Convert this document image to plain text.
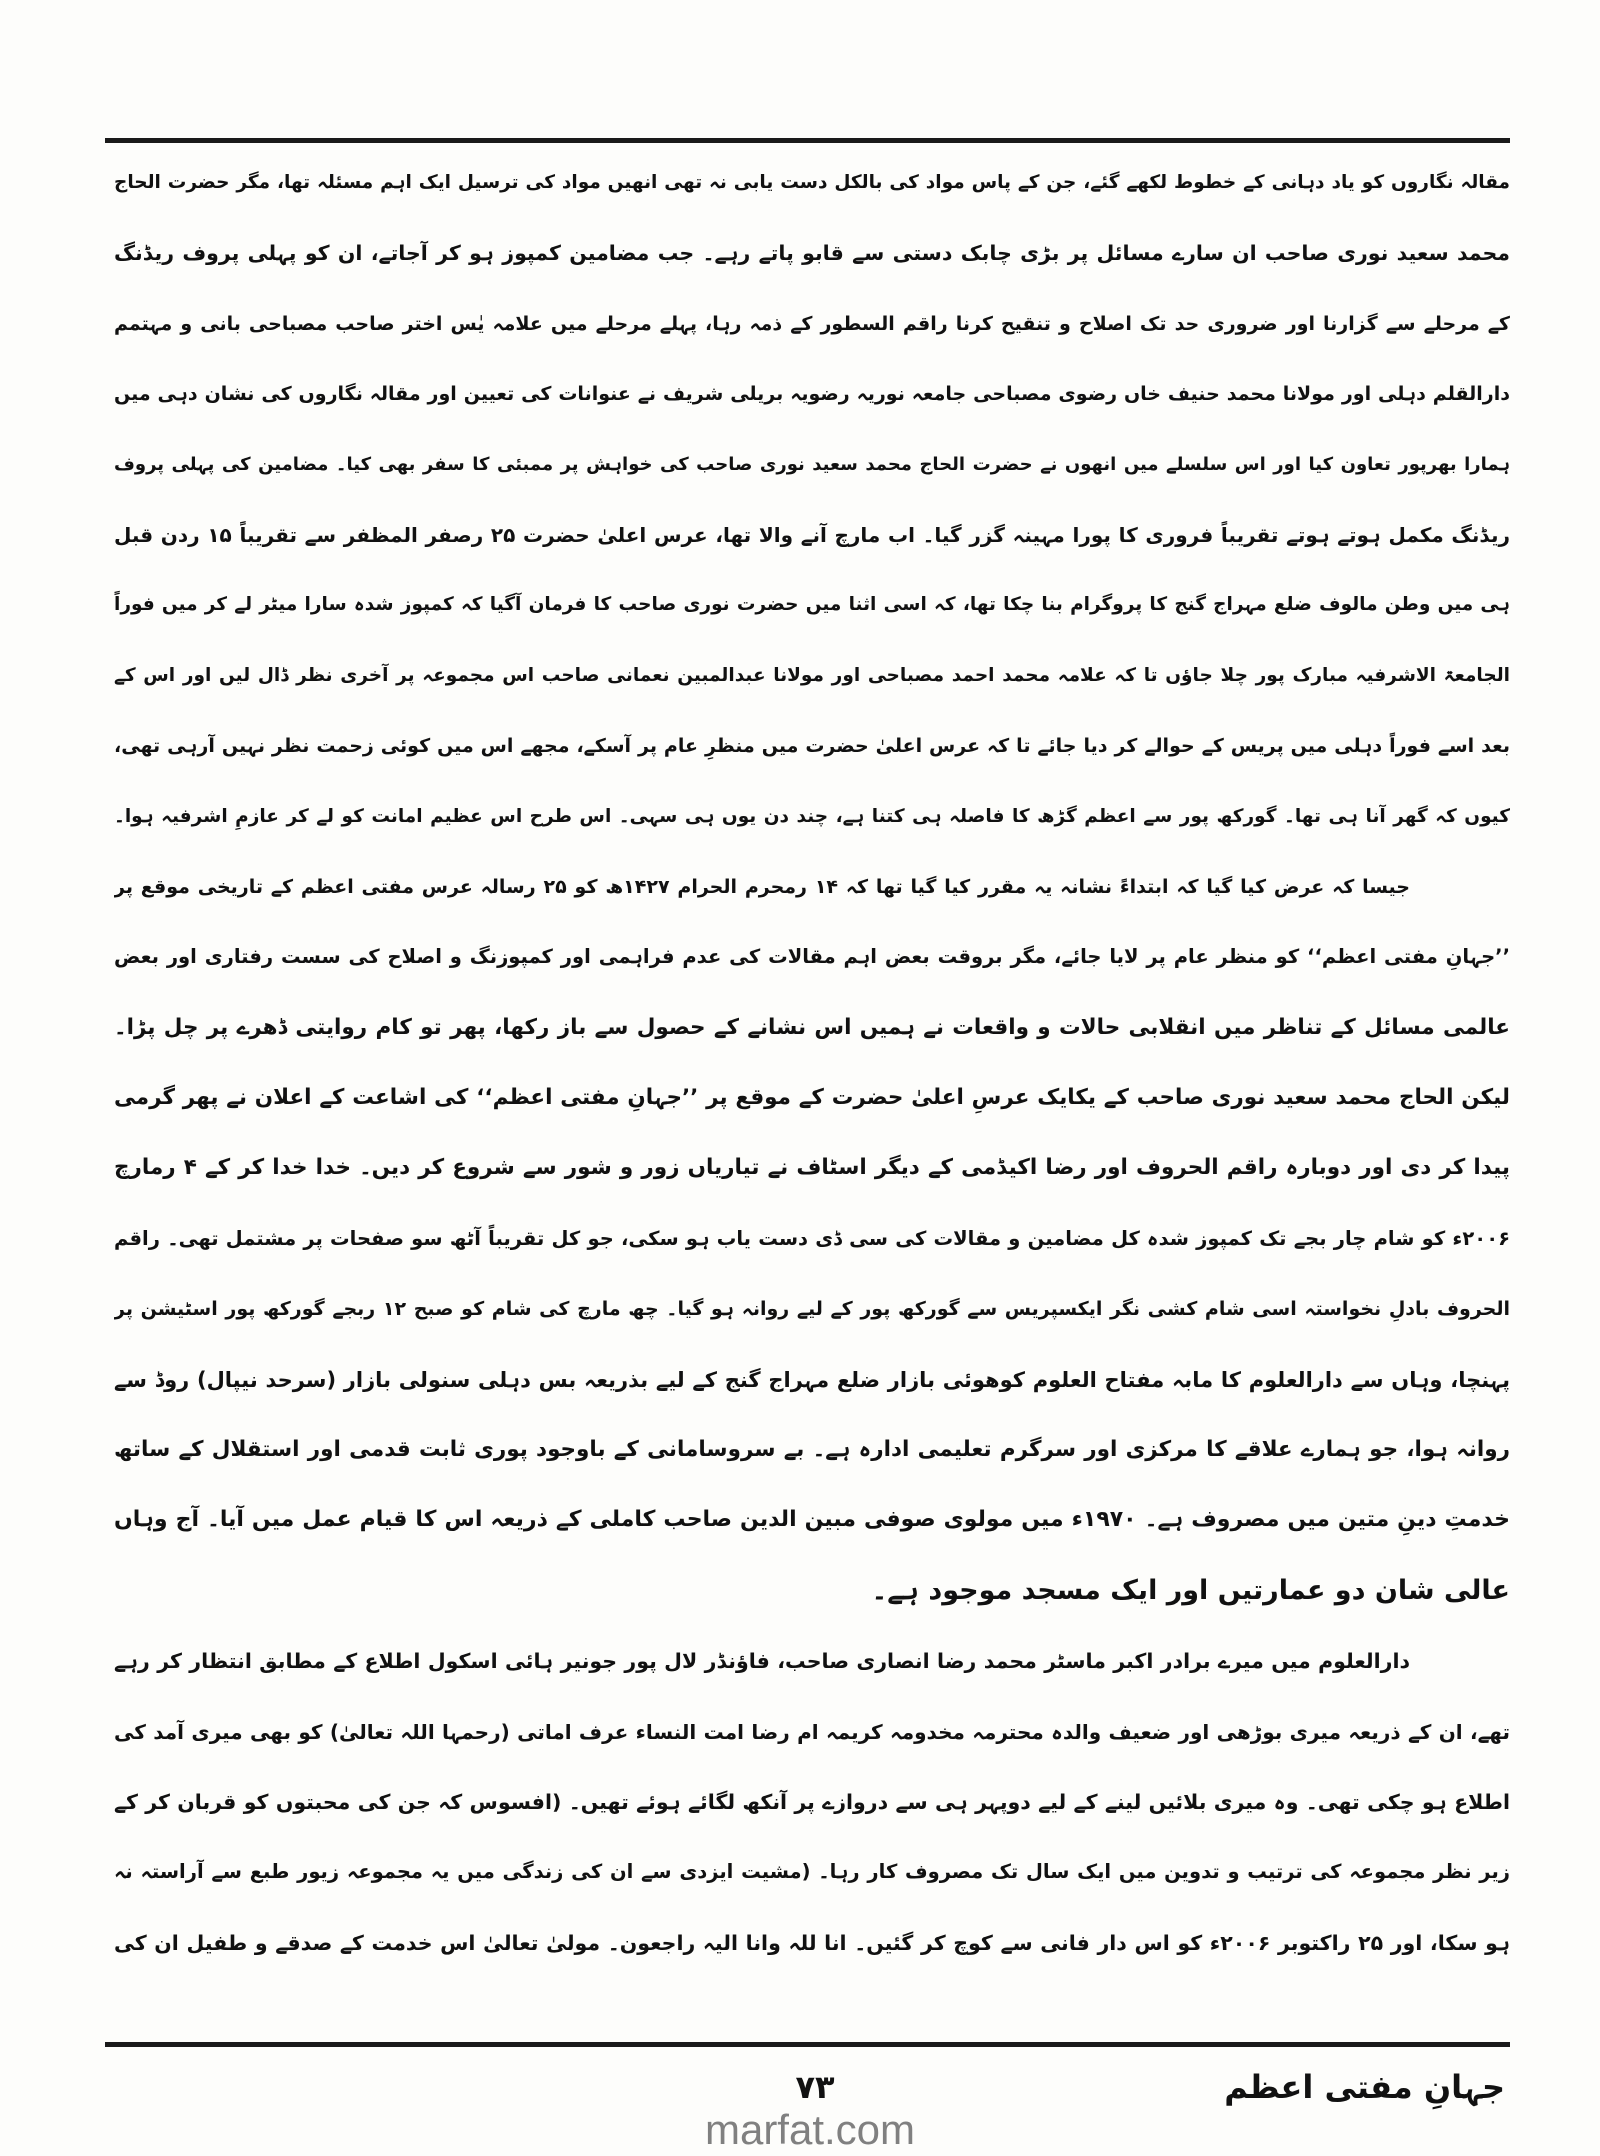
مقالہ نگاروں کو یاد دہانی کے خطوط لکھے گئے، جن کے پاس مواد کی بالکل دست یابی نہ تھی انھیں مواد کی ترسیل ایک اہم مسئلہ تھا، مگر حضرت الحاج
محمد سعید نوری صاحب ان سارے مسائل پر بڑی چابک دستی سے قابو پاتے رہے۔ جب مضامین کمپوز ہو کر آجاتے، ان کو پہلی پروف ریڈنگ
کے مرحلے سے گزارنا اور ضروری حد تک اصلاح و تنقیح کرنا راقم السطور کے ذمہ رہا، پہلے مرحلے میں علامہ یٰس اختر صاحب مصباحی بانی و مہتمم
دارالقلم دہلی اور مولانا محمد حنیف خاں رضوی مصباحی جامعہ نوریہ رضویہ بریلی شریف نے عنوانات کی تعیین اور مقالہ نگاروں کی نشان دہی میں
ہمارا بھرپور تعاون کیا اور اس سلسلے میں انھوں نے حضرت الحاج محمد سعید نوری صاحب کی خواہش پر ممبئی کا سفر بھی کیا۔ مضامین کی پہلی پروف
ریڈنگ مکمل ہوتے ہوتے تقریباً فروری کا پورا مہینہ گزر گیا۔ اب مارچ آنے والا تھا، عرس اعلیٰ حضرت ۲۵ رصفر المظفر سے تقریباً ۱۵ ردن قبل
ہی میں وطن مالوف ضلع مہراج گنج کا پروگرام بنا چکا تھا، کہ اسی اثنا میں حضرت نوری صاحب کا فرمان آگیا کہ کمپوز شدہ سارا میٹر لے کر میں فوراً
الجامعۃ الاشرفیہ مبارک پور چلا جاؤں تا کہ علامہ محمد احمد مصباحی اور مولانا عبدالمبین نعمانی صاحب اس مجموعہ پر آخری نظر ڈال لیں اور اس کے
بعد اسے فوراً دہلی میں پریس کے حوالے کر دیا جائے تا کہ عرس اعلیٰ حضرت میں منظرِ عام پر آسکے، مجھے اس میں کوئی زحمت نظر نہیں آرہی تھی،
کیوں کہ گھر آنا ہی تھا۔ گورکھ پور سے اعظم گڑھ کا فاصلہ ہی کتنا ہے، چند دن یوں ہی سہی۔ اس طرح اس عظیم امانت کو لے کر عازمِ اشرفیہ ہوا۔
جیسا کہ عرض کیا گیا کہ ابتداءً نشانہ یہ مقرر کیا گیا تھا کہ ۱۴ رمحرم الحرام ۱۴۲۷ھ کو ۲۵ رسالہ عرس مفتی اعظم کے تاریخی موقع پر
’’جہانِ مفتی اعظم‘‘ کو منظر عام پر لایا جائے، مگر بروقت بعض اہم مقالات کی عدم فراہمی اور کمپوزنگ و اصلاح کی سست رفتاری اور بعض
عالمی مسائل کے تناظر میں انقلابی حالات و واقعات نے ہمیں اس نشانے کے حصول سے باز رکھا، پھر تو کام روایتی ڈھرے پر چل پڑا۔
لیکن الحاج محمد سعید نوری صاحب کے یکایک عرسِ اعلیٰ حضرت کے موقع پر ’’جہانِ مفتی اعظم‘‘ کی اشاعت کے اعلان نے پھر گرمی
پیدا کر دی اور دوبارہ راقم الحروف اور رضا اکیڈمی کے دیگر اسٹاف نے تیاریاں زور و شور سے شروع کر دیں۔ خدا خدا کر کے ۴ رمارچ
۲۰۰۶ء کو شام چار بجے تک کمپوز شدہ کل مضامین و مقالات کی سی ڈی دست یاب ہو سکی، جو کل تقریباً آٹھ سو صفحات پر مشتمل تھی۔ راقم
الحروف بادلِ نخواستہ اسی شام کشی نگر ایکسپریس سے گورکھ پور کے لیے روانہ ہو گیا۔ چھ مارچ کی شام کو صبح ۱۲ ربجے گورکھ پور اسٹیشن پر
پہنچا، وہاں سے دارالعلوم کا مابہ مفتاح العلوم کوھوئی بازار ضلع مہراج گنج کے لیے بذریعہ بس دہلی سنولی بازار (سرحد نیپال) روڈ سے
روانہ ہوا، جو ہمارے علاقے کا مرکزی اور سرگرم تعلیمی ادارہ ہے۔ بے سروسامانی کے باوجود پوری ثابت قدمی اور استقلال کے ساتھ
خدمتِ دینِ متین میں مصروف ہے۔ ۱۹۷۰ء میں مولوی صوفی مبین الدین صاحب کاملی کے ذریعہ اس کا قیام عمل میں آیا۔ آج وہاں
عالی شان دو عمارتیں اور ایک مسجد موجود ہے۔
دارالعلوم میں میرے برادر اکبر ماسٹر محمد رضا انصاری صاحب، فاؤنڈر لال پور جونیر ہائی اسکول اطلاع کے مطابق انتظار کر رہے
تھے، ان کے ذریعہ میری بوڑھی اور ضعیف والدہ محترمہ مخدومہ کریمہ ام رضا امت النساء عرف اماتی (رحمہا اللہ تعالیٰ) کو بھی میری آمد کی
اطلاع ہو چکی تھی۔ وہ میری بلائیں لینے کے لیے دوپہر ہی سے دروازے پر آنکھ لگائے ہوئے تھیں۔ (افسوس کہ جن کی محبتوں کو قربان کر کے
زیر نظر مجموعہ کی ترتیب و تدوین میں ایک سال تک مصروف کار رہا۔ (مشیت ایزدی سے ان کی زندگی میں یہ مجموعہ زیور طبع سے آراستہ نہ
ہو سکا، اور ۲۵ راکتوبر ۲۰۰۶ء کو اس دار فانی سے کوچ کر گئیں۔ انا للہ وانا الیہ راجعون۔ مولیٰ تعالیٰ اس خدمت کے صدقے و طفیل ان کی
جہانِ مفتی اعظم
۷۳
marfat.com
